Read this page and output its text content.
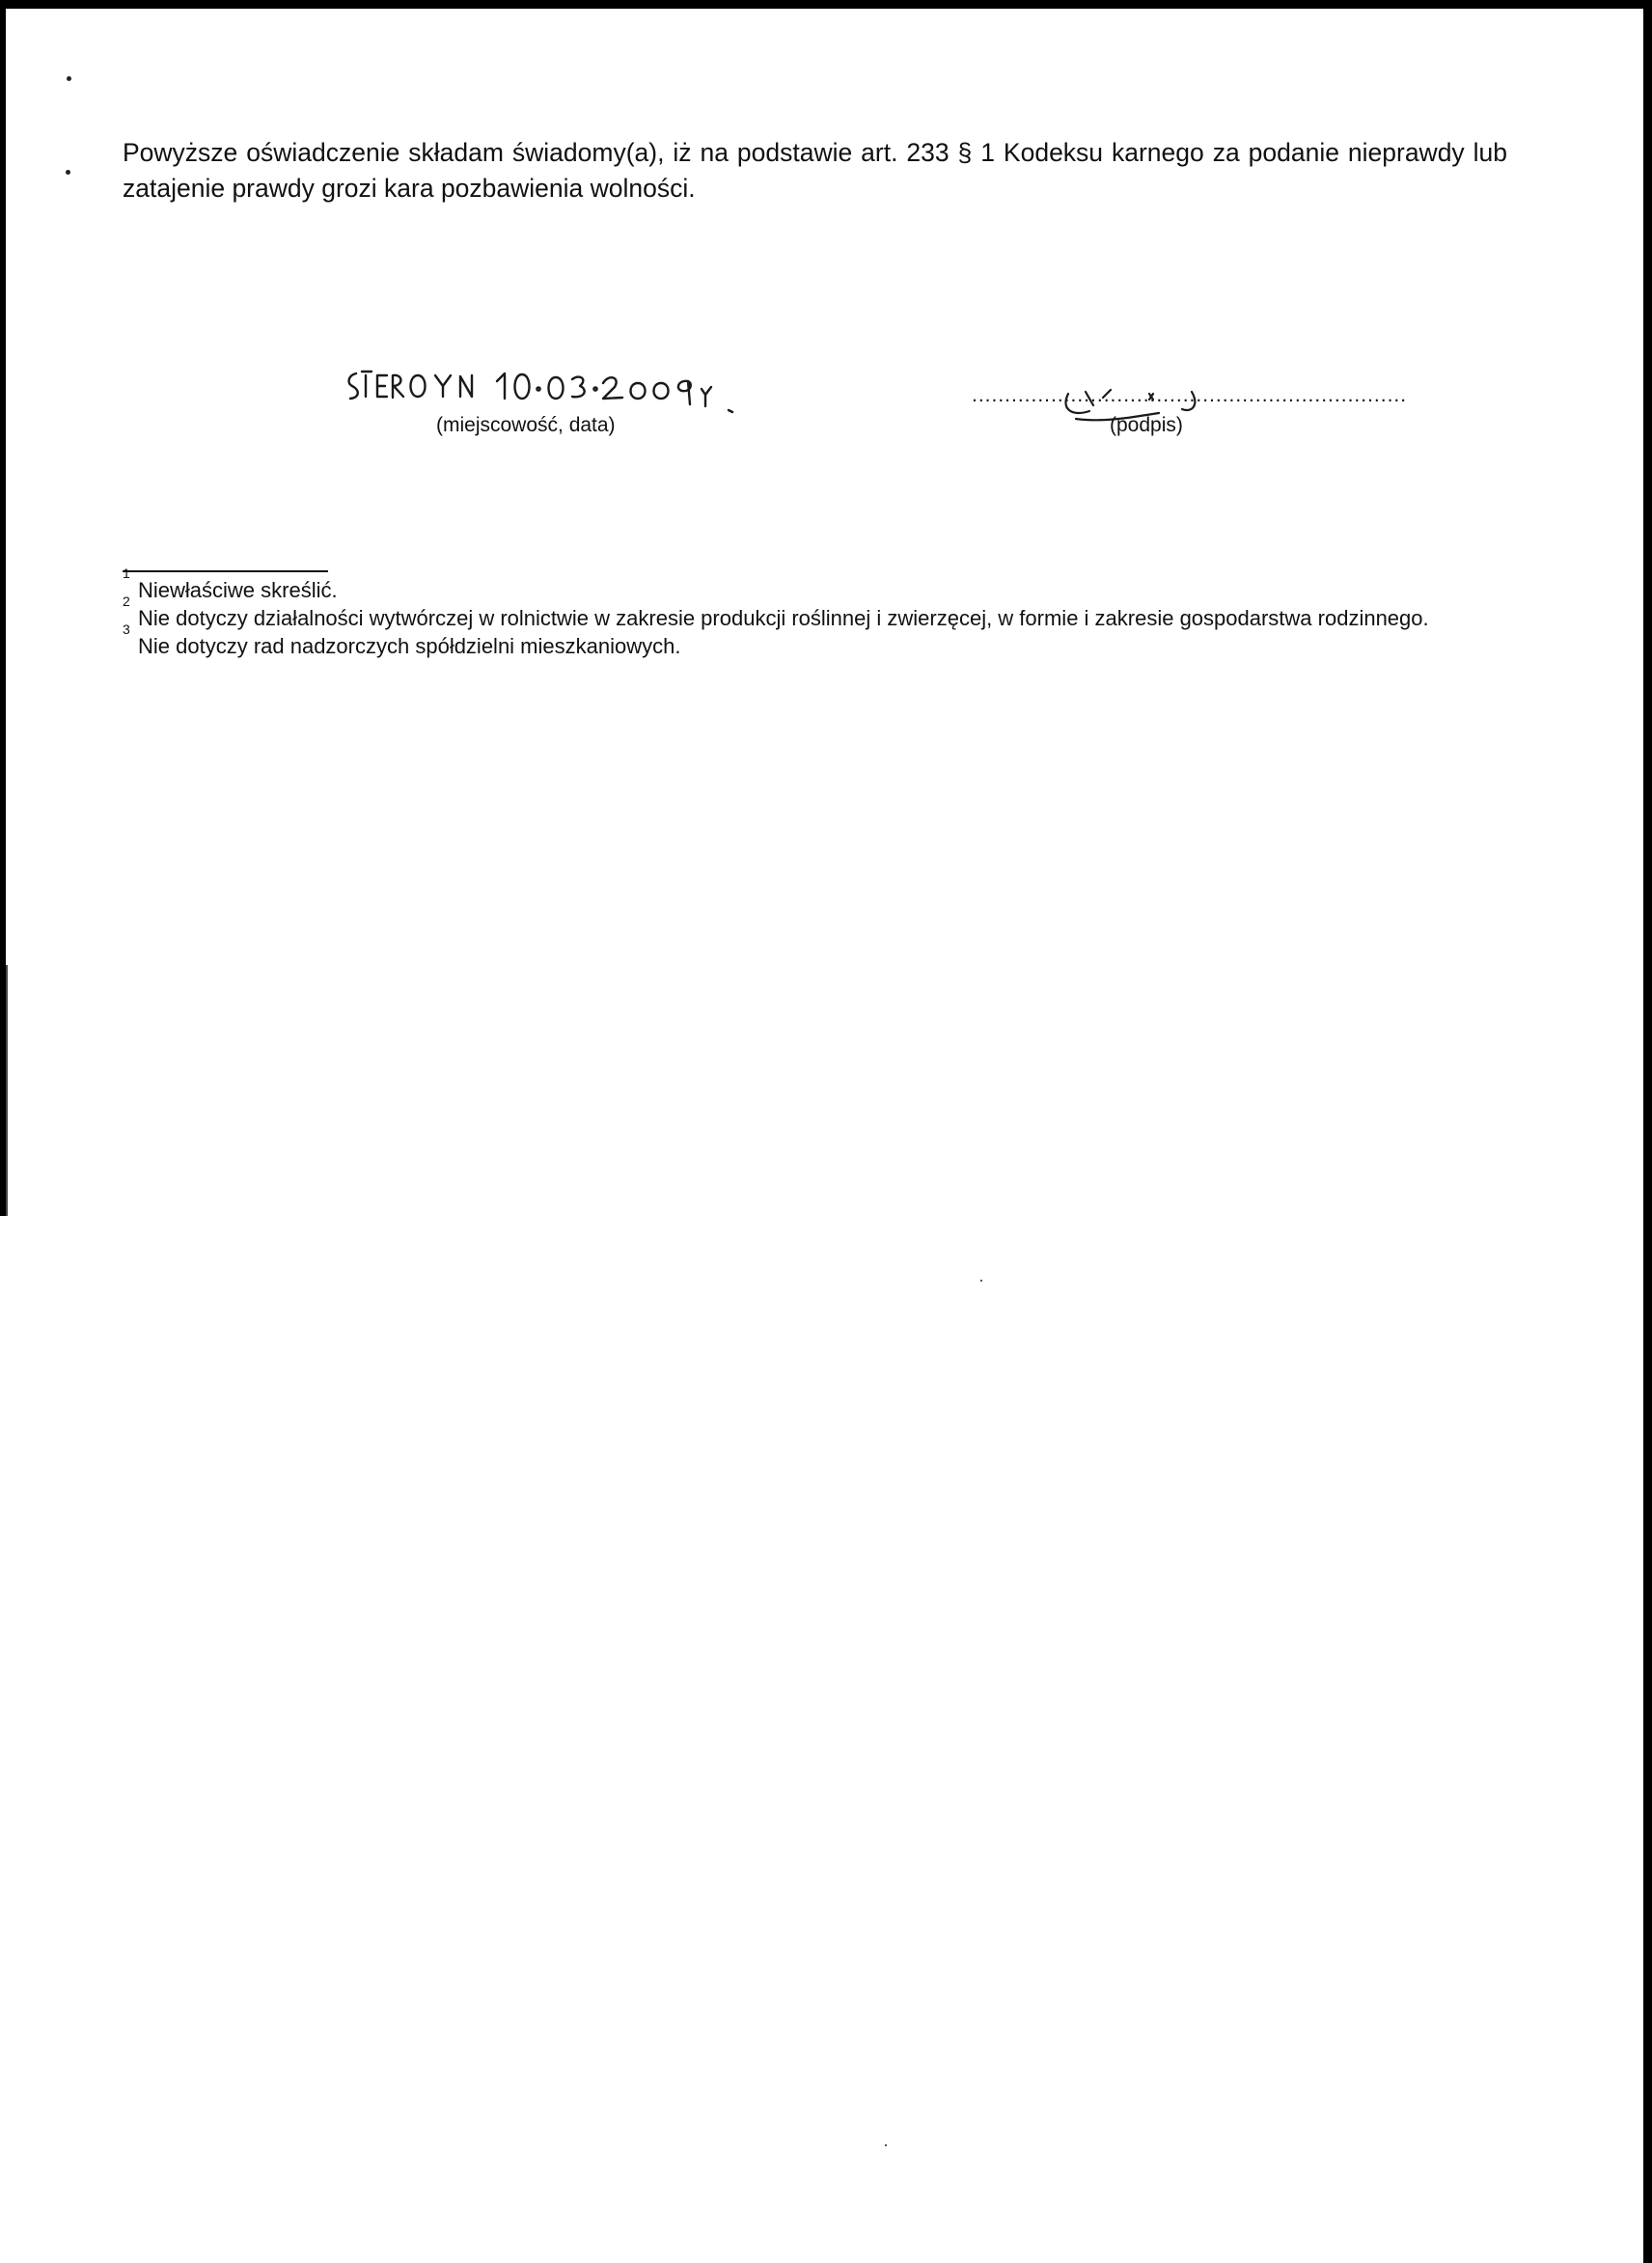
Powyższe oświadczenie składam świadomy(a), iż na podstawie art. 233 § 1 Kodeksu karnego za podanie nieprawdy lub zatajenie prawdy grozi kara pozbawienia wolności.

(miejscowość, data)
..................................................................
(podpis)

1
Niewłaściwe skreślić.

2
Nie dotyczy działalności wytwórczej w rolnictwie w zakresie produkcji roślinnej i zwierzęcej, w formie i zakresie gospodarstwa rodzinnego.

3
Nie dotyczy rad nadzorczych spółdzielni mieszkaniowych.
